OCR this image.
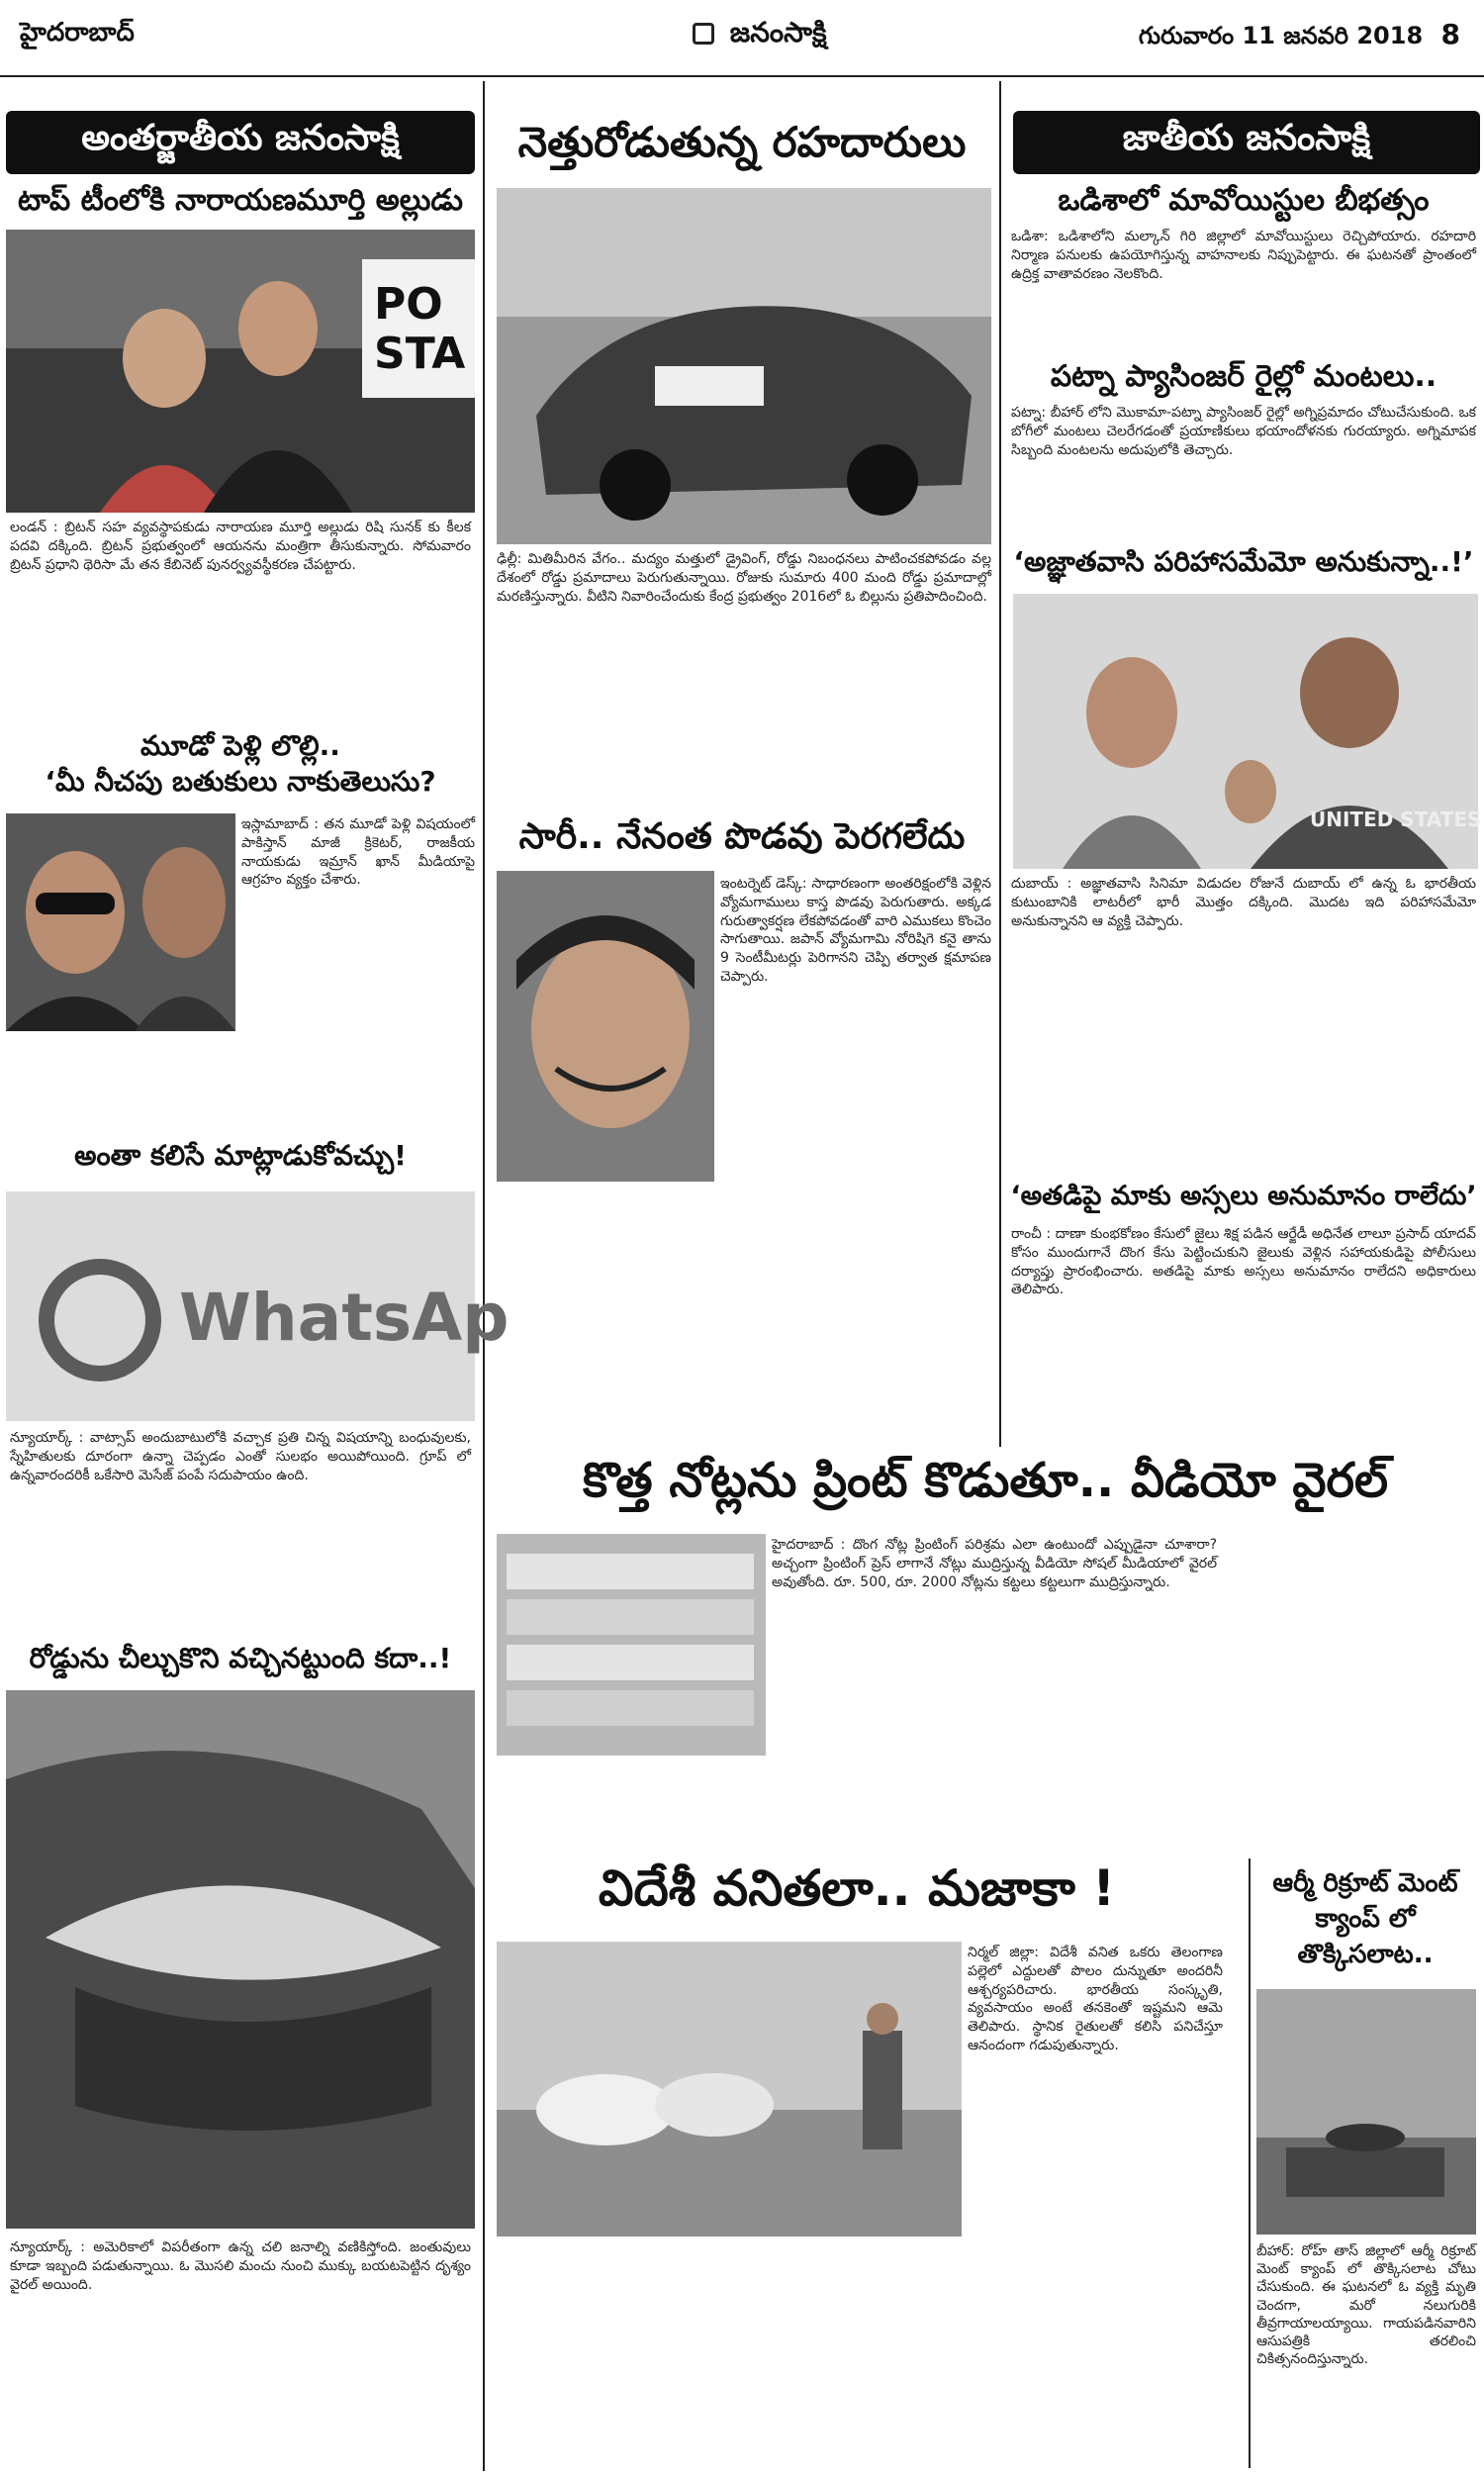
హైదరాబాద్	జనంసాక్షి	గురువారం 11 జనవరి 2018 8
అంతర్జాతీయ జనంసాక్షి
టాప్ టీంలోకి నారాయణమూర్తి అల్లుడు
PO
STA
లండన్ : బ్రిటన్ సహ వ్యవస్థాపకుడు నారాయణ మూర్తి అల్లుడు రిషి సునక్ కు కీలక పదవి దక్కింది. బ్రిటన్ ప్రభుత్వంలో ఆయనను మంత్రిగా తీసుకున్నారు. సోమవారం బ్రిటన్ ప్రధాని థెరిసా మే తన కేబినెట్ పునర్వ్యవస్థీకరణ చేపట్టారు.
మూడో పెళ్లి లొల్లి..
‘మీ నీచపు బతుకులు నాకుతెలుసు?
ఇస్లామాబాద్ : తన మూడో పెళ్లి విషయంలో పాకిస్తాన్ మాజీ క్రికెటర్, రాజకీయ నాయకుడు ఇమ్రాన్ ఖాన్ మీడియాపై ఆగ్రహం వ్యక్తం చేశారు.
అంతా కలిసే మాట్లాడుకోవచ్చు!
WhatsAp
న్యూయార్క్ : వాట్సాప్ అందుబాటులోకి వచ్చాక ప్రతి చిన్న విషయాన్ని బంధువులకు, స్నేహితులకు దూరంగా ఉన్నా చెప్పడం ఎంతో సులభం అయిపోయింది. గ్రూప్ లో ఉన్నవారందరికీ ఒకేసారి మెసేజ్ పంపే సదుపాయం ఉంది.
రోడ్డును చీల్చుకొని వచ్చినట్టుంది కదా..!
న్యూయార్క్ : అమెరికాలో విపరీతంగా ఉన్న చలి జనాల్ని వణికిస్తోంది. జంతువులు కూడా ఇబ్బంది పడుతున్నాయి. ఓ మొసలి మంచు నుంచి ముక్కు బయటపెట్టిన దృశ్యం వైరల్ అయింది.
నెత్తురోడుతున్న రహదారులు
ఢిల్లీ: మితిమీరిన వేగం.. మద్యం మత్తులో డ్రైవింగ్, రోడ్డు నిబంధనలు పాటించకపోవడం వల్ల దేశంలో రోడ్డు ప్రమాదాలు పెరుగుతున్నాయి. రోజుకు సుమారు 400 మంది రోడ్డు ప్రమాదాల్లో మరణిస్తున్నారు. వీటిని నివారించేందుకు కేంద్ర ప్రభుత్వం 2016లో ఓ బిల్లును ప్రతిపాదించింది.
సారీ.. నేనంత పొడవు పెరగలేదు
ఇంటర్నెట్ డెస్క్: సాధారణంగా అంతరిక్షంలోకి వెళ్లిన వ్యోమగాములు కాస్త పొడవు పెరుగుతారు. అక్కడ గురుత్వాకర్షణ లేకపోవడంతో వారి ఎముకలు కొంచెం సాగుతాయి. జపాన్ వ్యోమగామి నోరిషిగె కనై తాను 9 సెంటీమీటర్లు పెరిగానని చెప్పి తర్వాత క్షమాపణ చెప్పారు.
కొత్త నోట్లను ప్రింట్ కొడుతూ.. వీడియో వైరల్
హైదరాబాద్ : దొంగ నోట్ల ప్రింటింగ్ పరిశ్రమ ఎలా ఉంటుందో ఎప్పుడైనా చూశారా? అచ్చంగా ప్రింటింగ్ ప్రెస్ లాగానే నోట్లు ముద్రిస్తున్న వీడియో సోషల్ మీడియాలో వైరల్ అవుతోంది. రూ. 500, రూ. 2000 నోట్లను కట్టలు కట్టలుగా ముద్రిస్తున్నారు.
విదేశీ వనితలా.. మజాకా !
నిర్మల్ జిల్లా: విదేశీ వనిత ఒకరు తెలంగాణ పల్లెలో ఎద్దులతో పొలం దున్నుతూ అందరినీ ఆశ్చర్యపరిచారు. భారతీయ సంస్కృతి, వ్యవసాయం అంటే తనకెంతో ఇష్టమని ఆమె తెలిపారు. స్థానిక రైతులతో కలిసి పనిచేస్తూ ఆనందంగా గడుపుతున్నారు.
జాతీయ జనంసాక్షి
ఒడిశాలో మావోయిస్టుల బీభత్సం
ఒడిశా: ఒడిశాలోని మల్కాన్ గిరి జిల్లాలో మావోయిస్టులు రెచ్చిపోయారు. రహదారి నిర్మాణ పనులకు ఉపయోగిస్తున్న వాహనాలకు నిప్పుపెట్టారు. ఈ ఘటనతో ప్రాంతంలో ఉద్రిక్త వాతావరణం నెలకొంది.
పట్నా ప్యాసింజర్ రైల్లో మంటలు..
పట్నా: బీహార్ లోని మొకామా-పట్నా ప్యాసింజర్ రైల్లో అగ్నిప్రమాదం చోటుచేసుకుంది. ఒక బోగీలో మంటలు చెలరేగడంతో ప్రయాణికులు భయాందోళనకు గురయ్యారు. అగ్నిమాపక సిబ్బంది మంటలను అదుపులోకి తెచ్చారు.
‘అజ్ఞాతవాసి పరిహాసమేమో అనుకున్నా..!’
UNITED STATES
దుబాయ్ : అజ్ఞాతవాసి సినిమా విడుదల రోజునే దుబాయ్ లో ఉన్న ఓ భారతీయ కుటుంబానికి లాటరీలో భారీ మొత్తం దక్కింది. మొదట ఇది పరిహాసమేమో అనుకున్నానని ఆ వ్యక్తి చెప్పారు.
‘అతడిపై మాకు అస్సలు అనుమానం రాలేదు’
రాంచీ : దాణా కుంభకోణం కేసులో జైలు శిక్ష పడిన ఆర్జేడీ అధినేత లాలూ ప్రసాద్ యాదవ్ కోసం ముందుగానే దొంగ కేసు పెట్టించుకుని జైలుకు వెళ్లిన సహాయకుడిపై పోలీసులు దర్యాప్తు ప్రారంభించారు. అతడిపై మాకు అస్సలు అనుమానం రాలేదని అధికారులు తెలిపారు.
ఆర్మీ రిక్రూట్ మెంట్
క్యాంప్ లో
తొక్కిసలాట..
బీహార్: రోహ్ తాస్ జిల్లాలో ఆర్మీ రిక్రూట్ మెంట్ క్యాంప్ లో తొక్కిసలాట చోటు చేసుకుంది. ఈ ఘటనలో ఓ వ్యక్తి మృతి చెందగా, మరో నలుగురికి తీవ్రగాయాలయ్యాయి. గాయపడినవారిని ఆసుపత్రికి తరలించి చికిత్సనందిస్తున్నారు.
